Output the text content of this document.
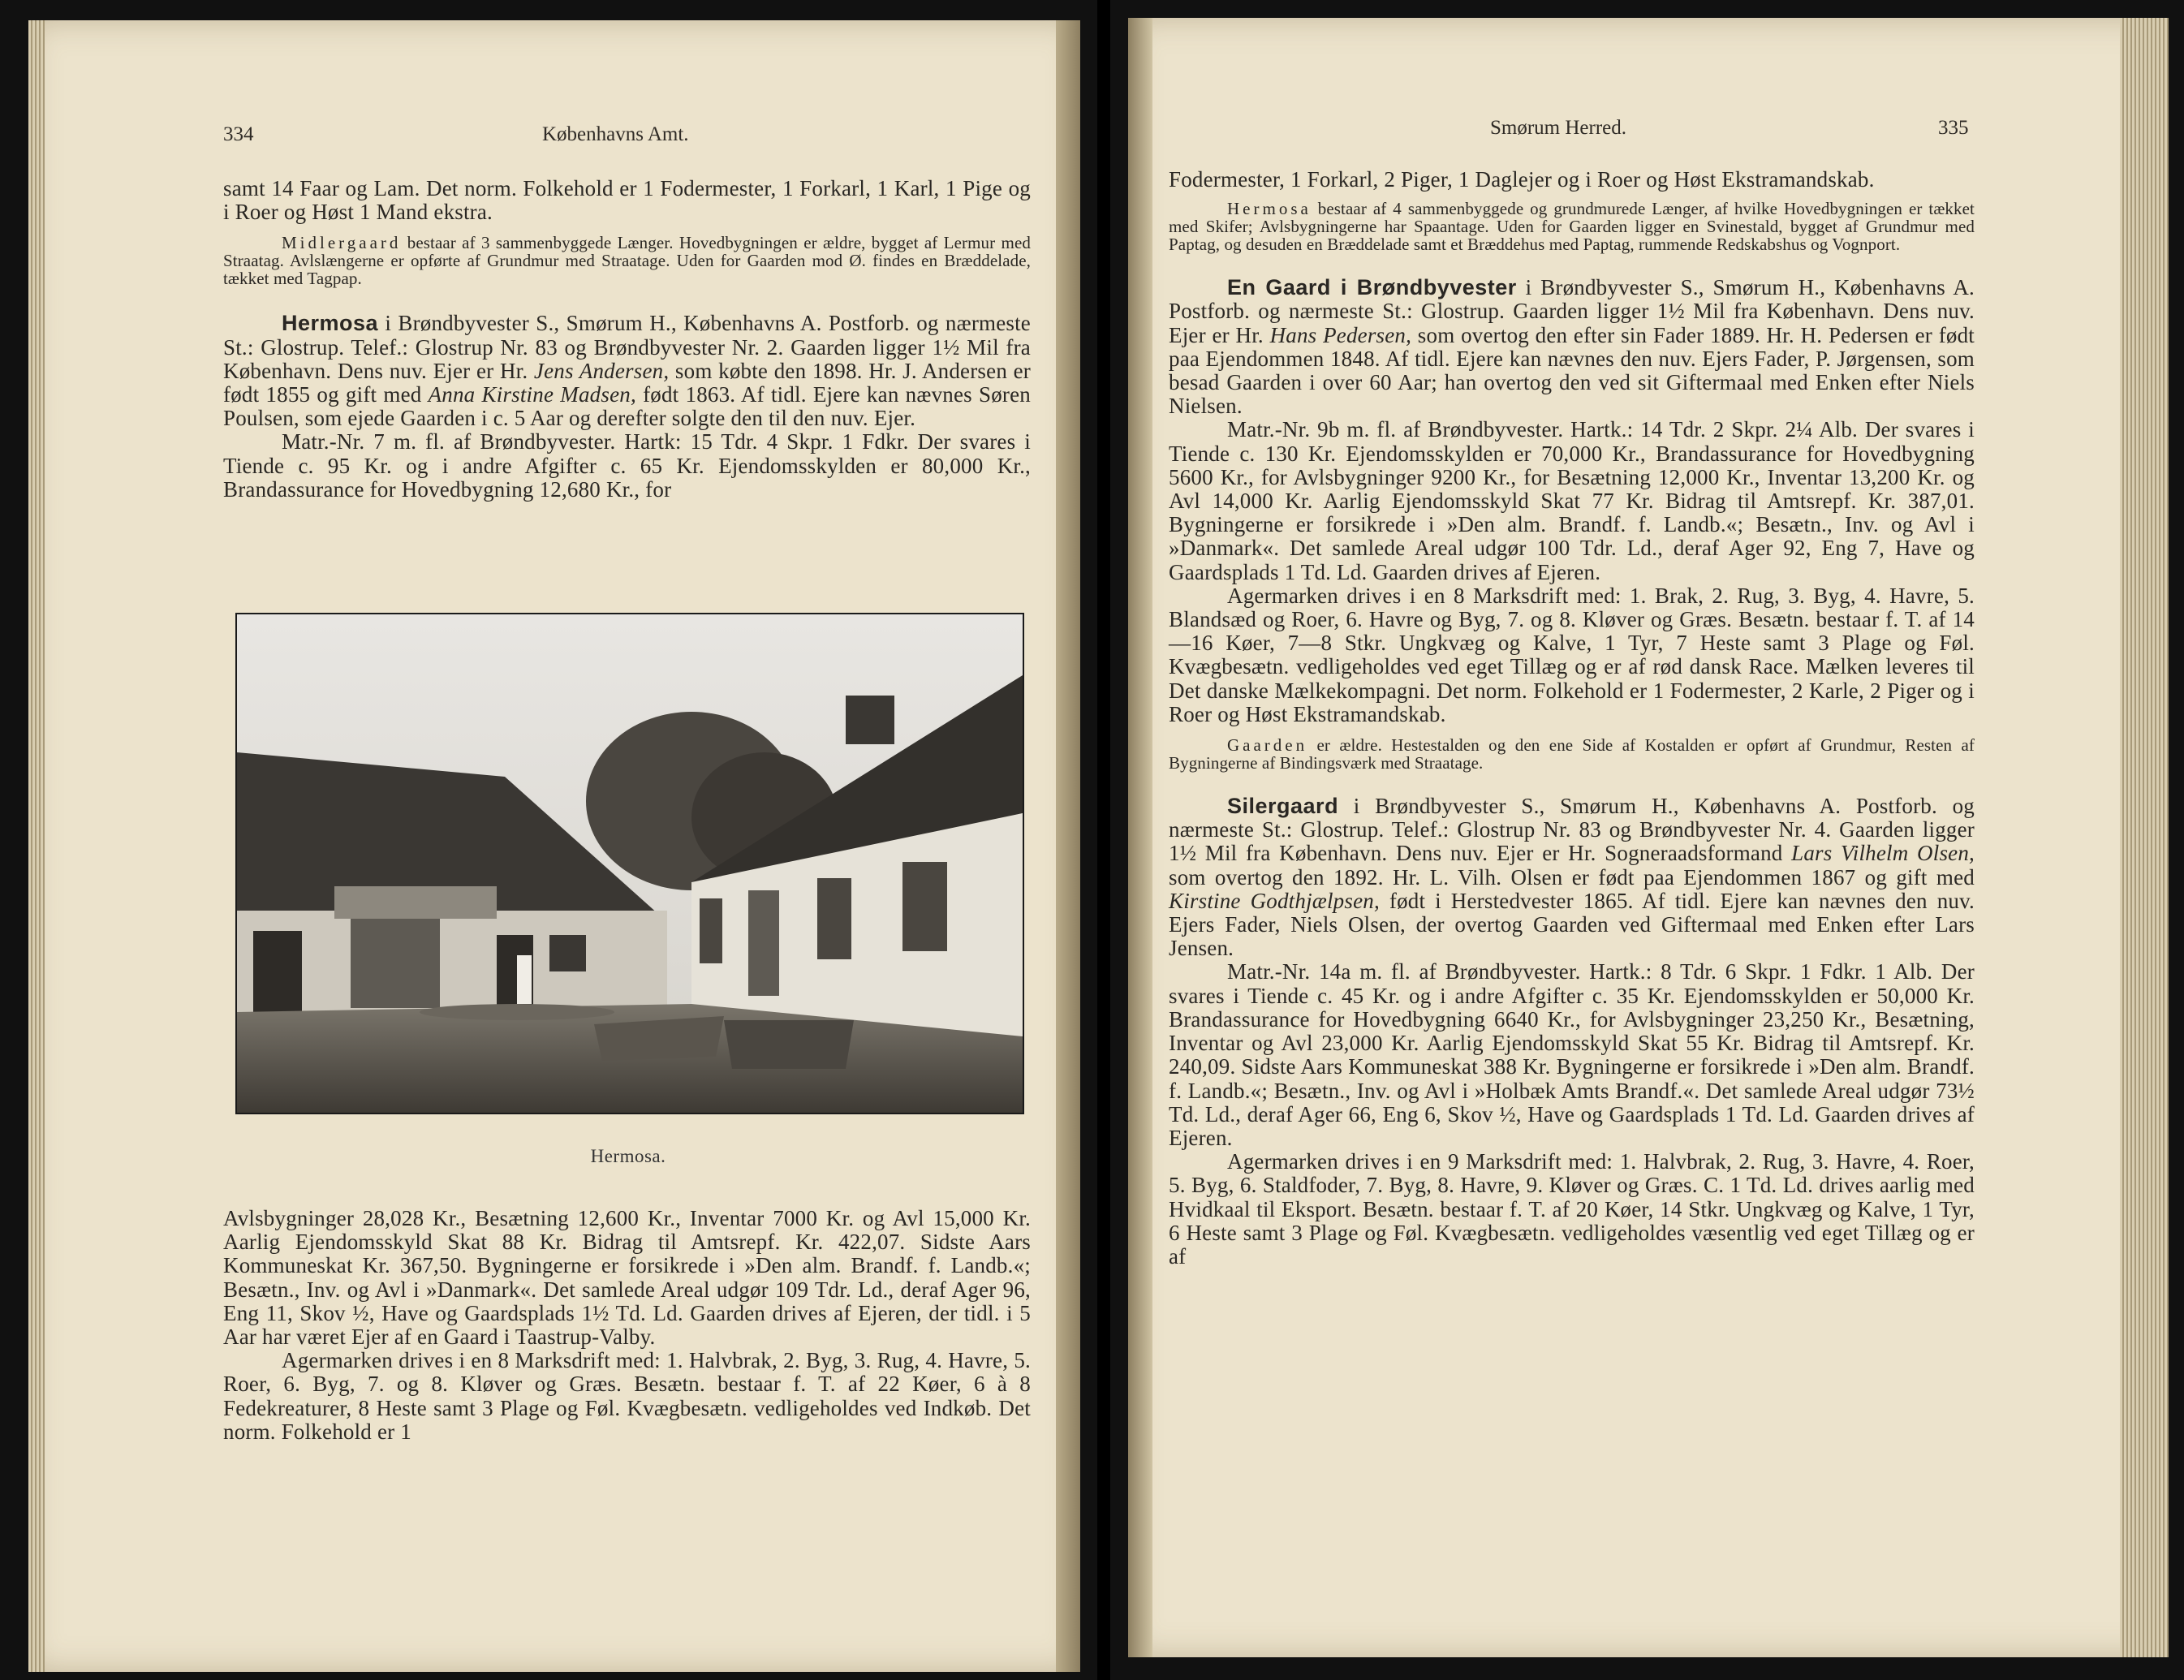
334	Københavns Amt.

samt 14 Faar og Lam. Det norm. Folkehold er 1 Fodermester, 1 Forkarl, 1 Karl, 1 Pige og i Roer og Høst 1 Mand ekstra.

Midlergaard bestaar af 3 sammenbyggede Længer. Hovedbygningen er ældre, bygget af Lermur med Straatag. Avlslængerne er opførte af Grundmur med Straatage. Uden for Gaarden mod Ø. findes en Bræddelade, tækket med Tagpap.

Hermosa i Brøndbyvester S., Smørum H., Københavns A. Postforb. og nærmeste St.: Glostrup. Telef.: Glostrup Nr. 83 og Brøndbyvester Nr. 2. Gaarden ligger 1½ Mil fra København. Dens nuv. Ejer er Hr. Jens Andersen, som købte den 1898. Hr. J. Andersen er født 1855 og gift med Anna Kirstine Madsen, født 1863. Af tidl. Ejere kan nævnes Søren Poulsen, som ejede Gaarden i c. 5 Aar og derefter solgte den til den nuv. Ejer.

Matr.-Nr. 7 m. fl. af Brøndbyvester. Hartk: 15 Tdr. 4 Skpr. 1 Fdkr. Der svares i Tiende c. 95 Kr. og i andre Afgifter c. 65 Kr. Ejendomsskylden er 80,000 Kr., Brandassurance for Hovedbygning 12,680 Kr., for

Hermosa.

Avlsbygninger 28,028 Kr., Besætning 12,600 Kr., Inventar 7000 Kr. og Avl 15,000 Kr. Aarlig Ejendomsskyld Skat 88 Kr. Bidrag til Amtsrepf. Kr. 422,07. Sidste Aars Kommuneskat Kr. 367,50. Bygningerne er forsikrede i »Den alm. Brandf. f. Landb.«; Besætn., Inv. og Avl i »Danmark«. Det samlede Areal udgør 109 Tdr. Ld., deraf Ager 96, Eng 11, Skov ½, Have og Gaardsplads 1½ Td. Ld. Gaarden drives af Ejeren, der tidl. i 5 Aar har været Ejer af en Gaard i Taastrup-Valby.

Agermarken drives i en 8 Marksdrift med: 1. Halvbrak, 2. Byg, 3. Rug, 4. Havre, 5. Roer, 6. Byg, 7. og 8. Kløver og Græs. Besætn. bestaar f. T. af 22 Køer, 6 à 8 Fedekreaturer, 8 Heste samt 3 Plage og Føl. Kvægbesætn. vedligeholdes ved Indkøb. Det norm. Folkehold er 1

Smørum Herred.	335

Fodermester, 1 Forkarl, 2 Piger, 1 Daglejer og i Roer og Høst Ekstramandskab.

Hermosa bestaar af 4 sammenbyggede og grundmurede Længer, af hvilke Hovedbygningen er tækket med Skifer; Avlsbygningerne har Spaantage. Uden for Gaarden ligger en Svinestald, bygget af Grundmur med Paptag, og desuden en Bræddelade samt et Bræddehus med Paptag, rummende Redskabshus og Vognport.

En Gaard i Brøndbyvester i Brøndbyvester S., Smørum H., Københavns A. Postforb. og nærmeste St.: Glostrup. Gaarden ligger 1½ Mil fra København. Dens nuv. Ejer er Hr. Hans Pedersen, som overtog den efter sin Fader 1889. Hr. H. Pedersen er født paa Ejendommen 1848. Af tidl. Ejere kan nævnes den nuv. Ejers Fader, P. Jørgensen, som besad Gaarden i over 60 Aar; han overtog den ved sit Giftermaal med Enken efter Niels Nielsen.

Matr.-Nr. 9b m. fl. af Brøndbyvester. Hartk.: 14 Tdr. 2 Skpr. 2¼ Alb. Der svares i Tiende c. 130 Kr. Ejendomsskylden er 70,000 Kr., Brandassurance for Hovedbygning 5600 Kr., for Avlsbygninger 9200 Kr., for Besætning 12,000 Kr., Inventar 13,200 Kr. og Avl 14,000 Kr. Aarlig Ejendomsskyld Skat 77 Kr. Bidrag til Amtsrepf. Kr. 387,01. Bygningerne er forsikrede i »Den alm. Brandf. f. Landb.«; Besætn., Inv. og Avl i »Danmark«. Det samlede Areal udgør 100 Tdr. Ld., deraf Ager 92, Eng 7, Have og Gaardsplads 1 Td. Ld. Gaarden drives af Ejeren.

Agermarken drives i en 8 Marksdrift med: 1. Brak, 2. Rug, 3. Byg, 4. Havre, 5. Blandsæd og Roer, 6. Havre og Byg, 7. og 8. Kløver og Græs. Besætn. bestaar f. T. af 14—16 Køer, 7—8 Stkr. Ungkvæg og Kalve, 1 Tyr, 7 Heste samt 3 Plage og Føl. Kvægbesætn. vedligeholdes ved eget Tillæg og er af rød dansk Race. Mælken leveres til Det danske Mælkekompagni. Det norm. Folkehold er 1 Fodermester, 2 Karle, 2 Piger og i Roer og Høst Ekstramandskab.

Gaarden er ældre. Hestestalden og den ene Side af Kostalden er opført af Grundmur, Resten af Bygningerne af Bindingsværk med Straatage.

Silergaard i Brøndbyvester S., Smørum H., Københavns A. Postforb. og nærmeste St.: Glostrup. Telef.: Glostrup Nr. 83 og Brøndbyvester Nr. 4. Gaarden ligger 1½ Mil fra København. Dens nuv. Ejer er Hr. Sogneraadsformand Lars Vilhelm Olsen, som overtog den 1892. Hr. L. Vilh. Olsen er født paa Ejendommen 1867 og gift med Kirstine Godthjælpsen, født i Herstedvester 1865. Af tidl. Ejere kan nævnes den nuv. Ejers Fader, Niels Olsen, der overtog Gaarden ved Giftermaal med Enken efter Lars Jensen.

Matr.-Nr. 14a m. fl. af Brøndbyvester. Hartk.: 8 Tdr. 6 Skpr. 1 Fdkr. 1 Alb. Der svares i Tiende c. 45 Kr. og i andre Afgifter c. 35 Kr. Ejendomsskylden er 50,000 Kr. Brandassurance for Hovedbygning 6640 Kr., for Avlsbygninger 23,250 Kr., Besætning, Inventar og Avl 23,000 Kr. Aarlig Ejendomsskyld Skat 55 Kr. Bidrag til Amtsrepf. Kr. 240,09. Sidste Aars Kommuneskat 388 Kr. Bygningerne er forsikrede i »Den alm. Brandf. f. Landb.«; Besætn., Inv. og Avl i »Holbæk Amts Brandf.«. Det samlede Areal udgør 73½ Td. Ld., deraf Ager 66, Eng 6, Skov ½, Have og Gaardsplads 1 Td. Ld. Gaarden drives af Ejeren.

Agermarken drives i en 9 Marksdrift med: 1. Halvbrak, 2. Rug, 3. Havre, 4. Roer, 5. Byg, 6. Staldfoder, 7. Byg, 8. Havre, 9. Kløver og Græs. C. 1 Td. Ld. drives aarlig med Hvidkaal til Eksport. Besætn. bestaar f. T. af 20 Køer, 14 Stkr. Ungkvæg og Kalve, 1 Tyr, 6 Heste samt 3 Plage og Føl. Kvægbesætn. vedligeholdes væsentlig ved eget Tillæg og er af
